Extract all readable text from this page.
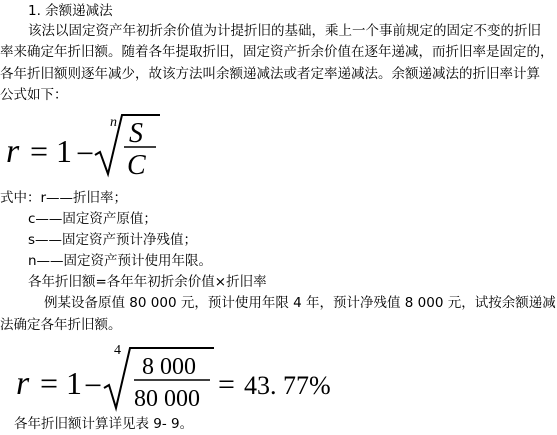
1. 余额递减法
该法以固定资产年初折余价值为计提折旧的基础，乘上一个事前规定的固定不变的折旧
率来确定年折旧额。随着各年提取折旧，固定资产折余价值在逐年递减，而折旧率是固定的，
各年折旧额则逐年减少，故该方法叫余额递减法或者定率递减法。余额递减法的折旧率计算
公式如下：
r = 1 −
n S
C
式中：r——折旧率；
c——固定资产原值；
s——固定资产预计净残值；
n——固定资产预计使用年限。
各年折旧额=各年年初折余价值×折旧率
例某设备原值 80 000 元，预计使用年限 4 年，预计净残值 8 000 元，试按余额递减
法确定各年折旧额。
r = 1 −
4
8 000
80 000 = 43. 77%
各年折旧额计算详见表 9- 9。
